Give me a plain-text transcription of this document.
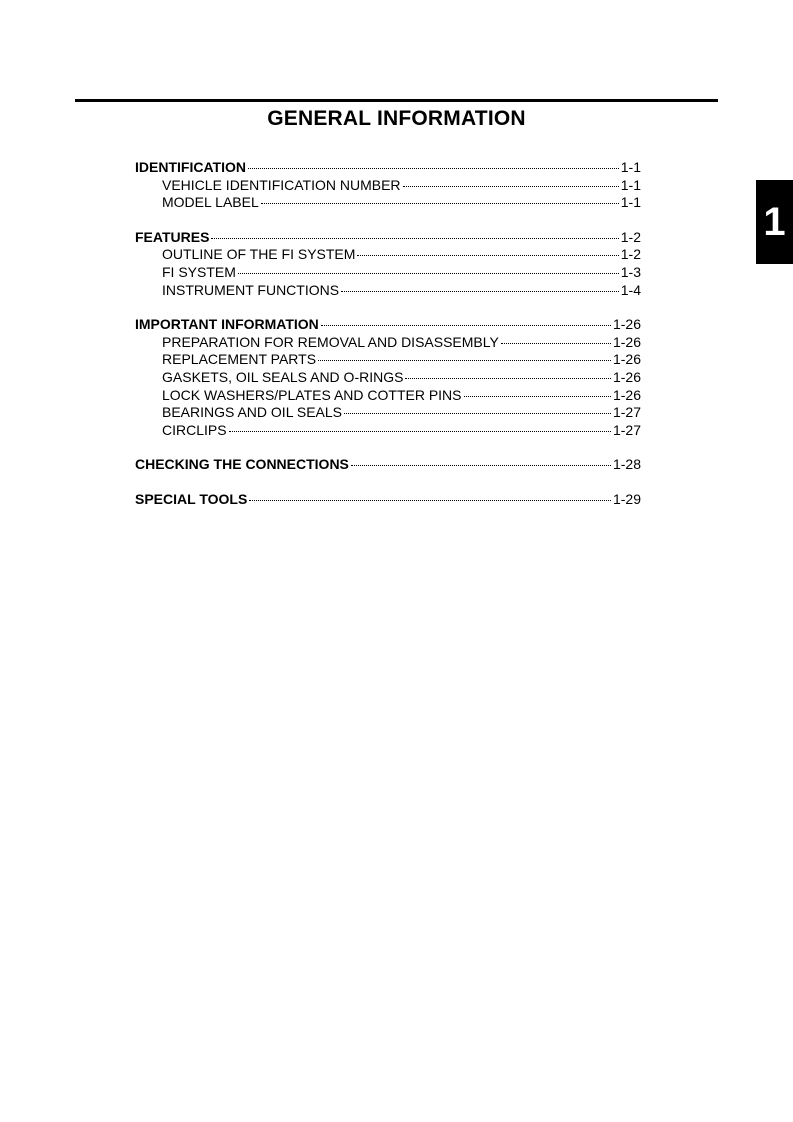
GENERAL INFORMATION
1
IDENTIFICATION	1-1
VEHICLE IDENTIFICATION NUMBER	1-1
MODEL LABEL	1-1
FEATURES	1-2
OUTLINE OF THE FI SYSTEM	1-2
FI SYSTEM	1-3
INSTRUMENT FUNCTIONS	1-4
IMPORTANT INFORMATION	1-26
PREPARATION FOR REMOVAL AND DISASSEMBLY	1-26
REPLACEMENT PARTS	1-26
GASKETS, OIL SEALS AND O-RINGS	1-26
LOCK WASHERS/PLATES AND COTTER PINS	1-26
BEARINGS AND OIL SEALS	1-27
CIRCLIPS	1-27
CHECKING THE CONNECTIONS	1-28
SPECIAL TOOLS	1-29
